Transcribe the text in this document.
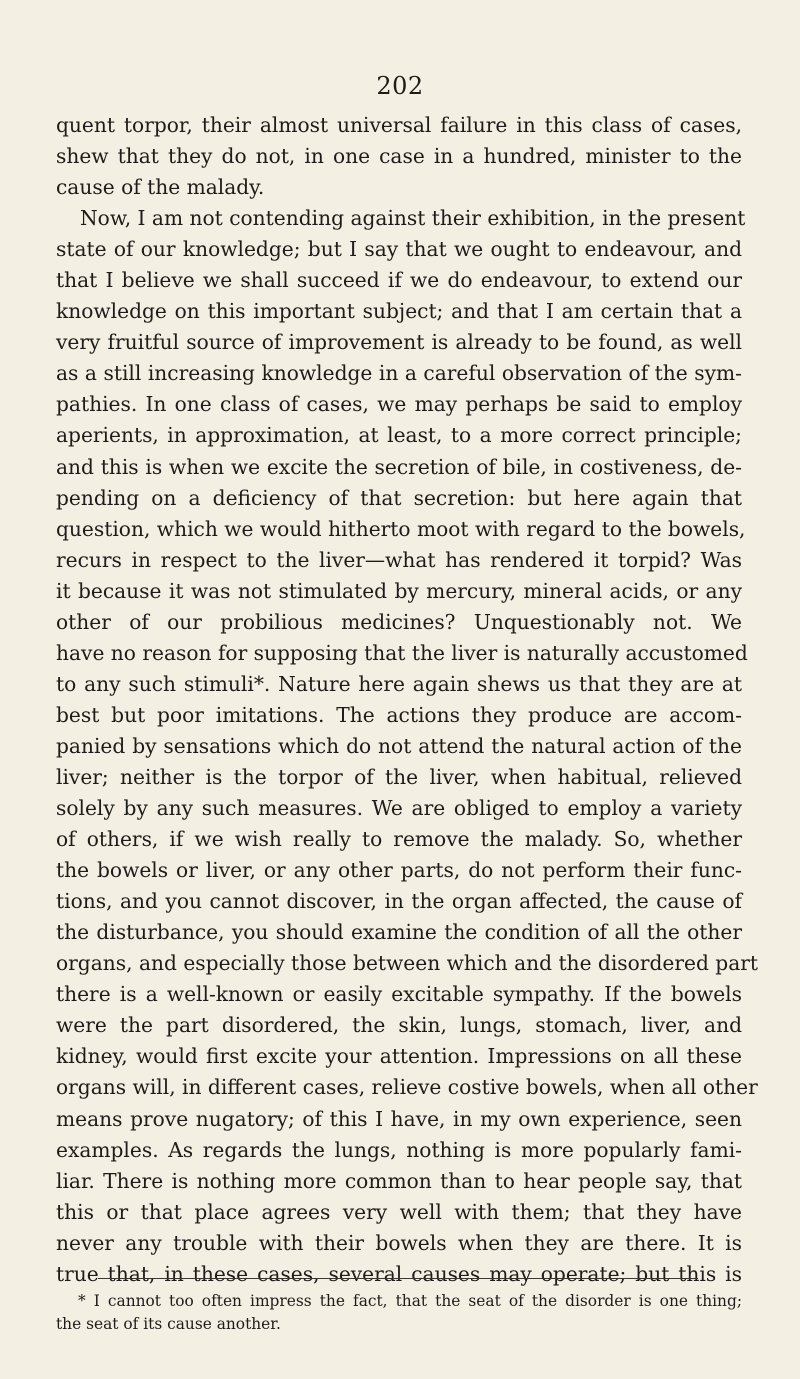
202
quent torpor, their almost universal failure in this class of cases,
shew that they do not, in one case in a hundred, minister to the
cause of the malady.
Now, I am not contending against their exhibition, in the present
state of our knowledge; but I say that we ought to endeavour, and
that I believe we shall succeed if we do endeavour, to extend our
knowledge on this important subject; and that I am certain that a
very fruitful source of improvement is already to be found, as well
as a still increasing knowledge in a careful observation of the sym-
pathies. In one class of cases, we may perhaps be said to employ
aperients, in approximation, at least, to a more correct principle;
and this is when we excite the secretion of bile, in costiveness, de-
pending on a deficiency of that secretion: but here again that
question, which we would hitherto moot with regard to the bowels,
recurs in respect to the liver—what has rendered it torpid? Was
it because it was not stimulated by mercury, mineral acids, or any
other of our probilious medicines? Unquestionably not. We
have no reason for supposing that the liver is naturally accustomed
to any such stimuli*. Nature here again shews us that they are at
best but poor imitations. The actions they produce are accom-
panied by sensations which do not attend the natural action of the
liver; neither is the torpor of the liver, when habitual, relieved
solely by any such measures. We are obliged to employ a variety
of others, if we wish really to remove the malady. So, whether
the bowels or liver, or any other parts, do not perform their func-
tions, and you cannot discover, in the organ affected, the cause of
the disturbance, you should examine the condition of all the other
organs, and especially those between which and the disordered part
there is a well-known or easily excitable sympathy. If the bowels
were the part disordered, the skin, lungs, stomach, liver, and
kidney, would first excite your attention. Impressions on all these
organs will, in different cases, relieve costive bowels, when all other
means prove nugatory; of this I have, in my own experience, seen
examples. As regards the lungs, nothing is more popularly fami-
liar. There is nothing more common than to hear people say, that
this or that place agrees very well with them; that they have
never any trouble with their bowels when they are there. It is
true that, in these cases, several causes may operate; but this is
* I cannot too often impress the fact, that the seat of the disorder is one thing;
the seat of its cause another.
